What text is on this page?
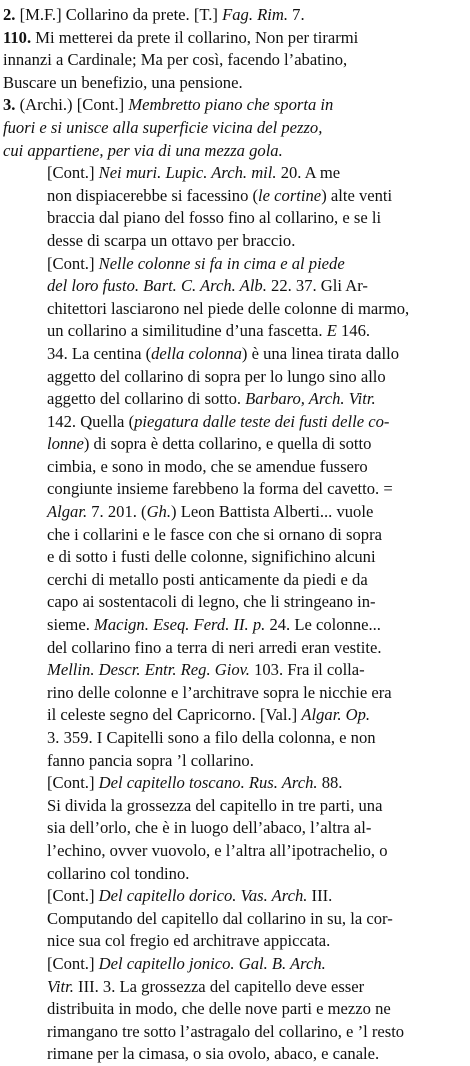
2. [M.F.] Collarino da prete. [T.] Fag. Rim. 7.
110. Mi metterei da prete il collarino, Non per tirarmi
innanzi a Cardinale; Ma per così, facendo l’abatino,
Buscare un benefizio, una pensione.
3. (Archi.) [Cont.] Membretto piano che sporta in
fuori e si unisce alla superficie vicina del pezzo,
cui appartiene, per via di una mezza gola.
[Cont.] Nei muri. Lupic. Arch. mil. 20. A me
non dispiacerebbe si facessino (le cortine) alte venti
braccia dal piano del fosso fino al collarino, e se li
desse di scarpa un ottavo per braccio.
[Cont.] Nelle colonne si fa in cima e al piede
del loro fusto. Bart. C. Arch. Alb. 22. 37. Gli Ar-
chitettori lasciarono nel piede delle colonne di marmo,
un collarino a similitudine d’una fascetta. E 146.
34. La centina (della colonna) è una linea tirata dallo
aggetto del collarino di sopra per lo lungo sino allo
aggetto del collarino di sotto. Barbaro, Arch. Vitr.
142. Quella (piegatura dalle teste dei fusti delle co-
lonne) di sopra è detta collarino, e quella di sotto
cimbia, e sono in modo, che se amendue fussero
congiunte insieme farebbeno la forma del cavetto. =
Algar. 7. 201. (Gh.) Leon Battista Alberti... vuole
che i collarini e le fasce con che si ornano di sopra
e di sotto i fusti delle colonne, significhino alcuni
cerchi di metallo posti anticamente da piedi e da
capo ai sostentacoli di legno, che li stringeano in-
sieme. Macign. Eseq. Ferd. II. p. 24. Le colonne...
del collarino fino a terra di neri arredi eran vestite.
Mellin. Descr. Entr. Reg. Giov. 103. Fra il colla-
rino delle colonne e l’architrave sopra le nicchie era
il celeste segno del Capricorno. [Val.] Algar. Op.
3. 359. I Capitelli sono a filo della colonna, e non
fanno pancia sopra ’l collarino.
[Cont.] Del capitello toscano. Rus. Arch. 88.
Si divida la grossezza del capitello in tre parti, una
sia dell’orlo, che è in luogo dell’abaco, l’altra al-
l’echino, ovver vuovolo, e l’altra all’ipotrachelio, o
collarino col tondino.
[Cont.] Del capitello dorico. Vas. Arch. III.
Computando del capitello dal collarino in su, la cor-
nice sua col fregio ed architrave appiccata.
[Cont.] Del capitello jonico. Gal. B. Arch.
Vitr. III. 3. La grossezza del capitello deve esser
distribuita in modo, che delle nove parti e mezzo ne
rimangano tre sotto l’astragalo del collarino, e ’l resto
rimane per la cimasa, o sia ovolo, abaco, e canale.
